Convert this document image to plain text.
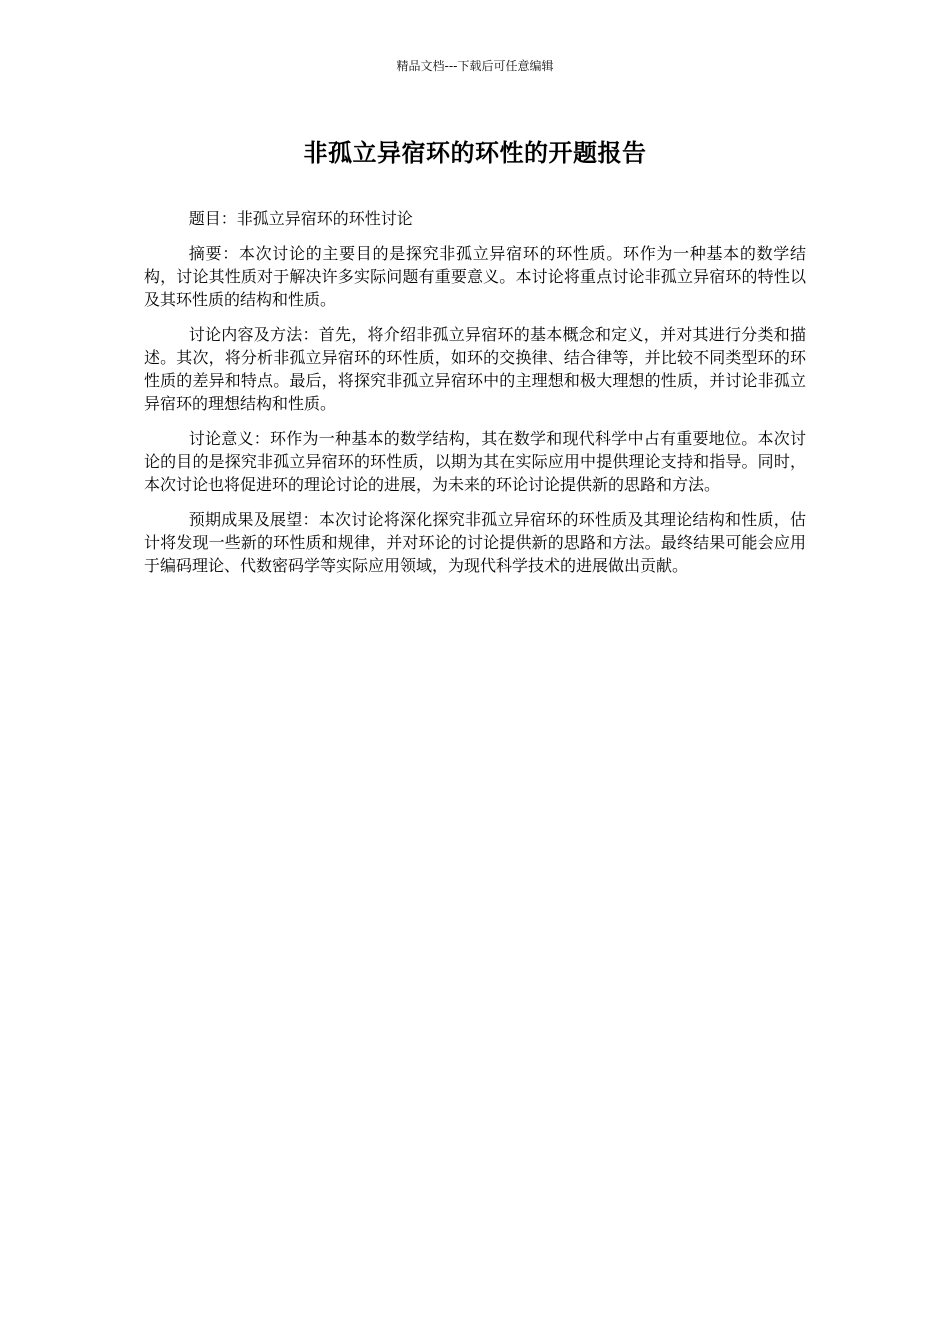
精品文档---下载后可任意编辑
非孤立异宿环的环性的开题报告

题目：非孤立异宿环的环性讨论

摘要：本次讨论的主要目的是探究非孤立异宿环的环性质。环作为一种基本的数学结构，讨论其性质对于解决许多实际问题有重要意义。本讨论将重点讨论非孤立异宿环的特性以及其环性质的结构和性质。

讨论内容及方法：首先，将介绍非孤立异宿环的基本概念和定义，并对其进行分类和描述。其次，将分析非孤立异宿环的环性质，如环的交换律、结合律等，并比较不同类型环的环性质的差异和特点。最后，将探究非孤立异宿环中的主理想和极大理想的性质，并讨论非孤立异宿环的理想结构和性质。

讨论意义：环作为一种基本的数学结构，其在数学和现代科学中占有重要地位。本次讨论的目的是探究非孤立异宿环的环性质，以期为其在实际应用中提供理论支持和指导。同时，本次讨论也将促进环的理论讨论的进展，为未来的环论讨论提供新的思路和方法。

预期成果及展望：本次讨论将深化探究非孤立异宿环的环性质及其理论结构和性质，估计将发现一些新的环性质和规律，并对环论的讨论提供新的思路和方法。最终结果可能会应用于编码理论、代数密码学等实际应用领域，为现代科学技术的进展做出贡献。
